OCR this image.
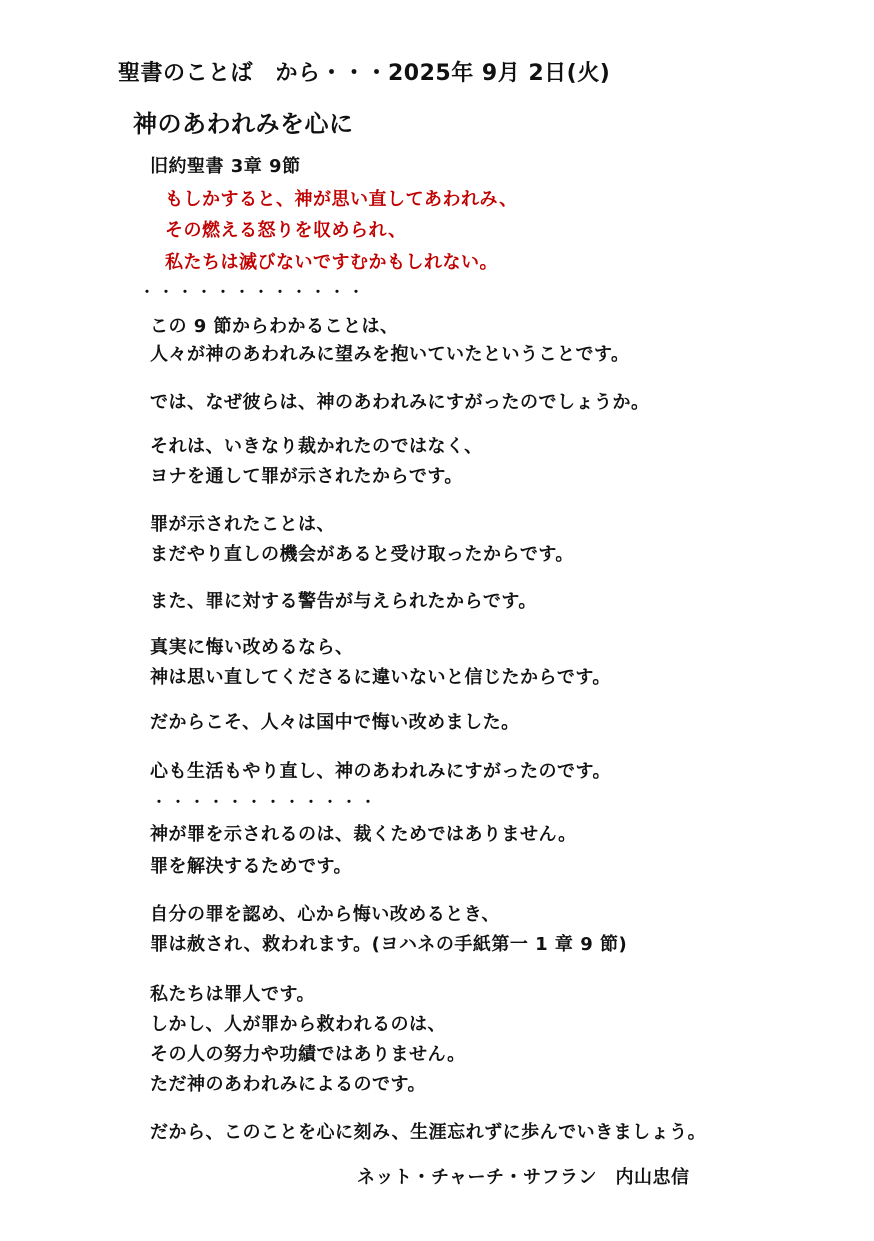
聖書のことば　から・・・2025年 9月 2日(火)
神のあわれみを心に
旧約聖書 3章 9節
もしかすると、神が思い直してあわれみ、
その燃える怒りを収められ、
私たちは滅びないですむかもしれない。
・・・・・・・・・・・・
この 9 節からわかることは、
人々が神のあわれみに望みを抱いていたということです。
では、なぜ彼らは、神のあわれみにすがったのでしょうか。
それは、いきなり裁かれたのではなく、
ヨナを通して罪が示されたからです。
罪が示されたことは、
まだやり直しの機会があると受け取ったからです。
また、罪に対する警告が与えられたからです。
真実に悔い改めるなら、
神は思い直してくださるに違いないと信じたからです。
だからこそ、人々は国中で悔い改めました。
心も生活もやり直し、神のあわれみにすがったのです。
・・・・・・・・・・・・
神が罪を示されるのは、裁くためではありません。
罪を解決するためです。
自分の罪を認め、心から悔い改めるとき、
罪は赦され、救われます。(ヨハネの手紙第一 1 章 9 節)
私たちは罪人です。
しかし、人が罪から救われるのは、
その人の努力や功績ではありません。
ただ神のあわれみによるのです。
だから、このことを心に刻み、生涯忘れずに歩んでいきましょう。
ネット・チャーチ・サフラン　内山忠信
